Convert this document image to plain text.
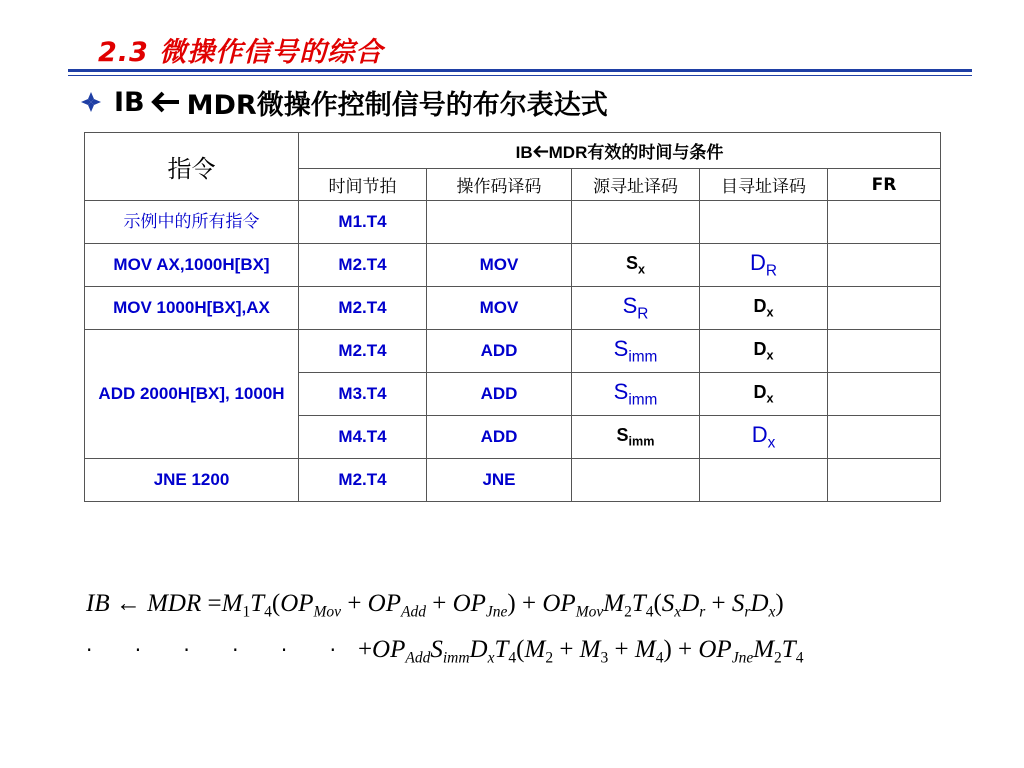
2.3 微操作信号的综合
IB MDR微操作控制信号的布尔表达式
指令	IB MDR有效的时间与条件				
	时间节拍	操作码译码	源寻址译码	目寻址译码	FR
示例中的所有指令	M1.T4				
MOV AX,1000H[BX]	M2.T4	MOV	$S_x$	$D_R$	
MOV 1000H[BX],AX	M2.T4	MOV	$S_R$	$D_x$	
ADD 2000H[BX], 1000H	M2.T4	ADD	$S_{imm}$	$D_x$	
	M3.T4	ADD	$S_{imm}$	$D_x$	
	M4.T4	ADD	$S_{imm}$	$D_x$	
JNE 1200	M2.T4	JNE			
IB ← MDR $=M_1T_4(OP_{Mov} + OP_{Add} + OP_{Jne}) + OP_{Mov}M_2T_4(S_xD_r + S_rD_x)$
· · · · · · $+OP_{Add}S_{imm}D_xT_4(M_2 + M_3 + M_4) + OP_{Jne}M_2T_4$
